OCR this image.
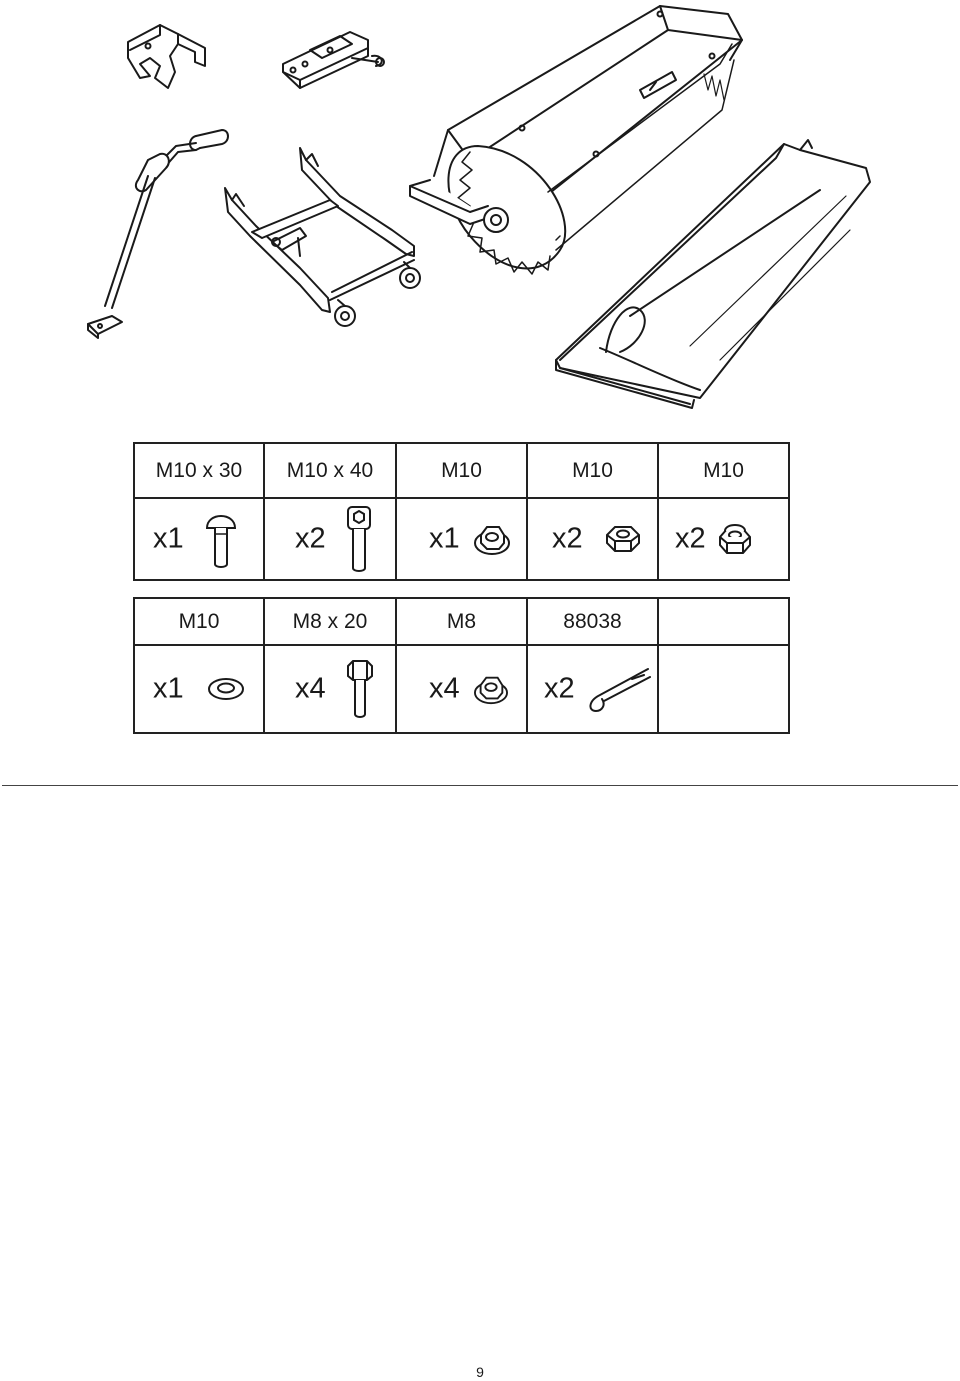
M10 x 30	M10 x 40	M10	M10	M10

x1	x2	x1	x2	x2
M10	M8 x 20	M8	88038	

x1	x4	x4	x2	

9
